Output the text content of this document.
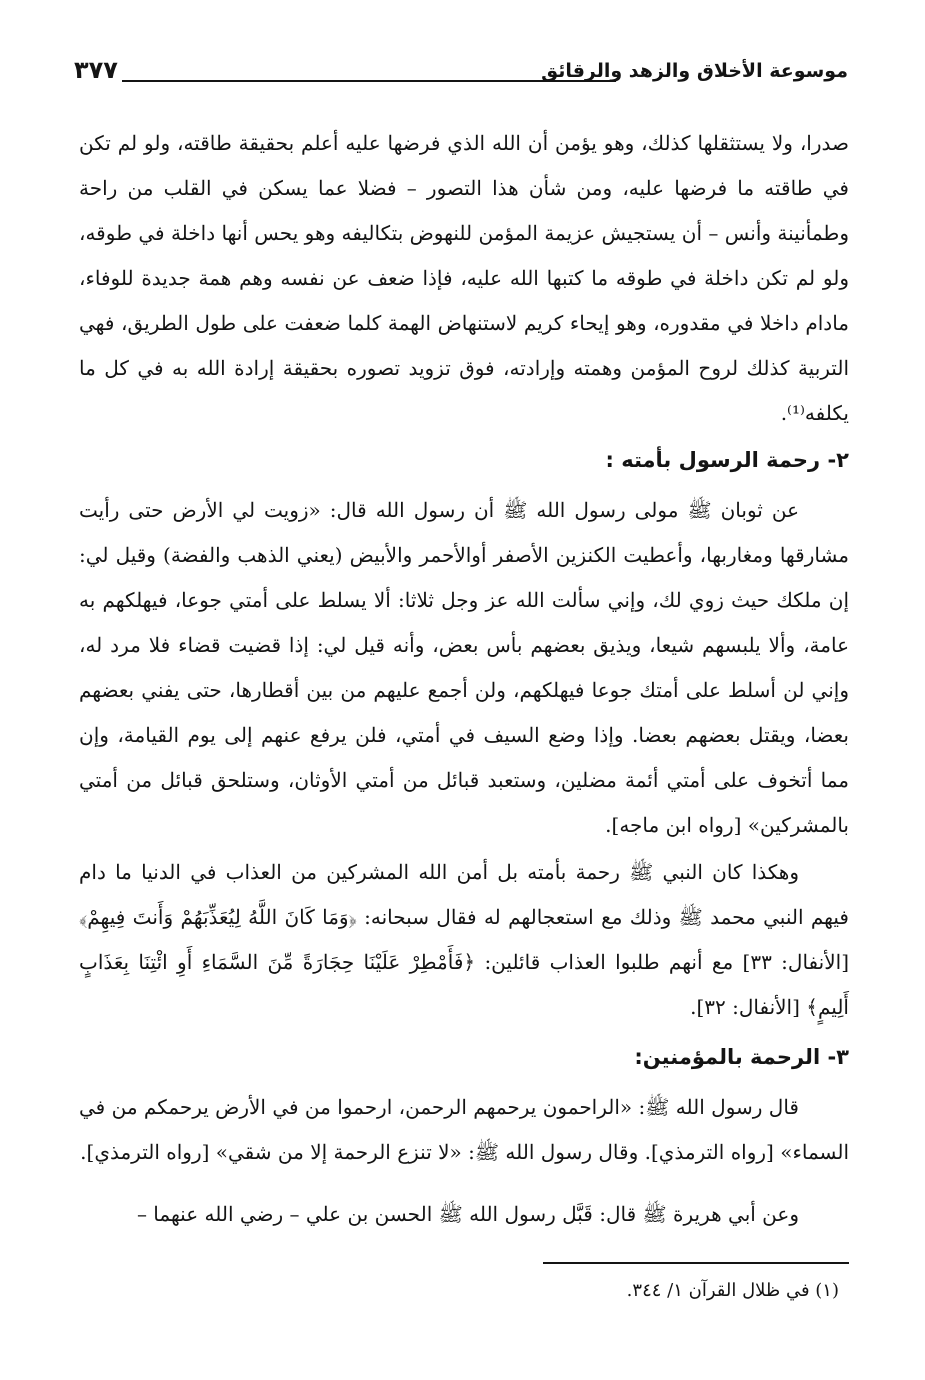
موسوعة الأخلاق والزهد والرقائق
٣٧٧

صدرا، ولا يستثقلها كذلك، وهو يؤمن أن الله الذي فرضها عليه أعلم بحقيقة طاقته، ولو لم تكن في طاقته ما فرضها عليه، ومن شأن هذا التصور – فضلا عما يسكن في القلب من راحة وطمأنينة وأنس – أن يستجيش عزيمة المؤمن للنهوض بتكاليفه وهو يحس أنها داخلة في طوقه، ولو لم تكن داخلة في طوقه ما كتبها الله عليه، فإذا ضعف عن نفسه وهم همة جديدة للوفاء، مادام داخلا في مقدوره، وهو إيحاء كريم لاستنهاض الهمة كلما ضعفت على طول الطريق، فهي التربية كذلك لروح المؤمن وهمته وإرادته، فوق تزويد تصوره بحقيقة إرادة الله به في كل ما يكلفه⁽¹⁾.

٢- رحمة الرسول بأمته :

عن ثوبان ﷺ مولى رسول الله ﷺ أن رسول الله قال: «زويت لي الأرض حتى رأيت مشارقها ومغاربها، وأعطيت الكنزين الأصفر أوالأحمر والأبيض (يعني الذهب والفضة) وقيل لي: إن ملكك حيث زوي لك، وإني سألت الله عز وجل ثلاثا: ألا يسلط على أمتي جوعا، فيهلكهم به عامة، وألا يلبسهم شيعا، ويذيق بعضهم بأس بعض، وأنه قيل لي: إذا قضيت قضاء فلا مرد له، وإني لن أسلط على أمتك جوعا فيهلكهم، ولن أجمع عليهم من بين أقطارها، حتى يفني بعضهم بعضا، ويقتل بعضهم بعضا. وإذا وضع السيف في أمتي، فلن يرفع عنهم إلى يوم القيامة، وإن مما أتخوف على أمتي أئمة مضلين، وستعبد قبائل من أمتي الأوثان، وستلحق قبائل من أمتي بالمشركين» [رواه ابن ماجه].

وهكذا كان النبي ﷺ رحمة بأمته بل أمن الله المشركين من العذاب في الدنيا ما دام فيهم النبي محمد ﷺ وذلك مع استعجالهم له فقال سبحانه: ﴿وَمَا كَانَ اللَّهُ لِيُعَذِّبَهُمْ وَأَنتَ فِيهِمْ﴾ [الأنفال: ٣٣] مع أنهم طلبوا العذاب قائلين: ﴿فَأَمْطِرْ عَلَيْنَا حِجَارَةً مِّنَ السَّمَاءِ أَوِ ائْتِنَا بِعَذَابٍ أَلِيمٍ﴾ [الأنفال: ٣٢].

٣- الرحمة بالمؤمنين:

قال رسول الله ﷺ: «الراحمون يرحمهم الرحمن، ارحموا من في الأرض يرحمكم من في السماء» [رواه الترمذي]. وقال رسول الله ﷺ: «لا تنزع الرحمة إلا من شقي» [رواه الترمذي].

وعن أبي هريرة ﷺ قال: قَبَّل رسول الله ﷺ الحسن بن علي – رضي الله عنهما –

(١) في ظلال القرآن ١/ ٣٤٤.
